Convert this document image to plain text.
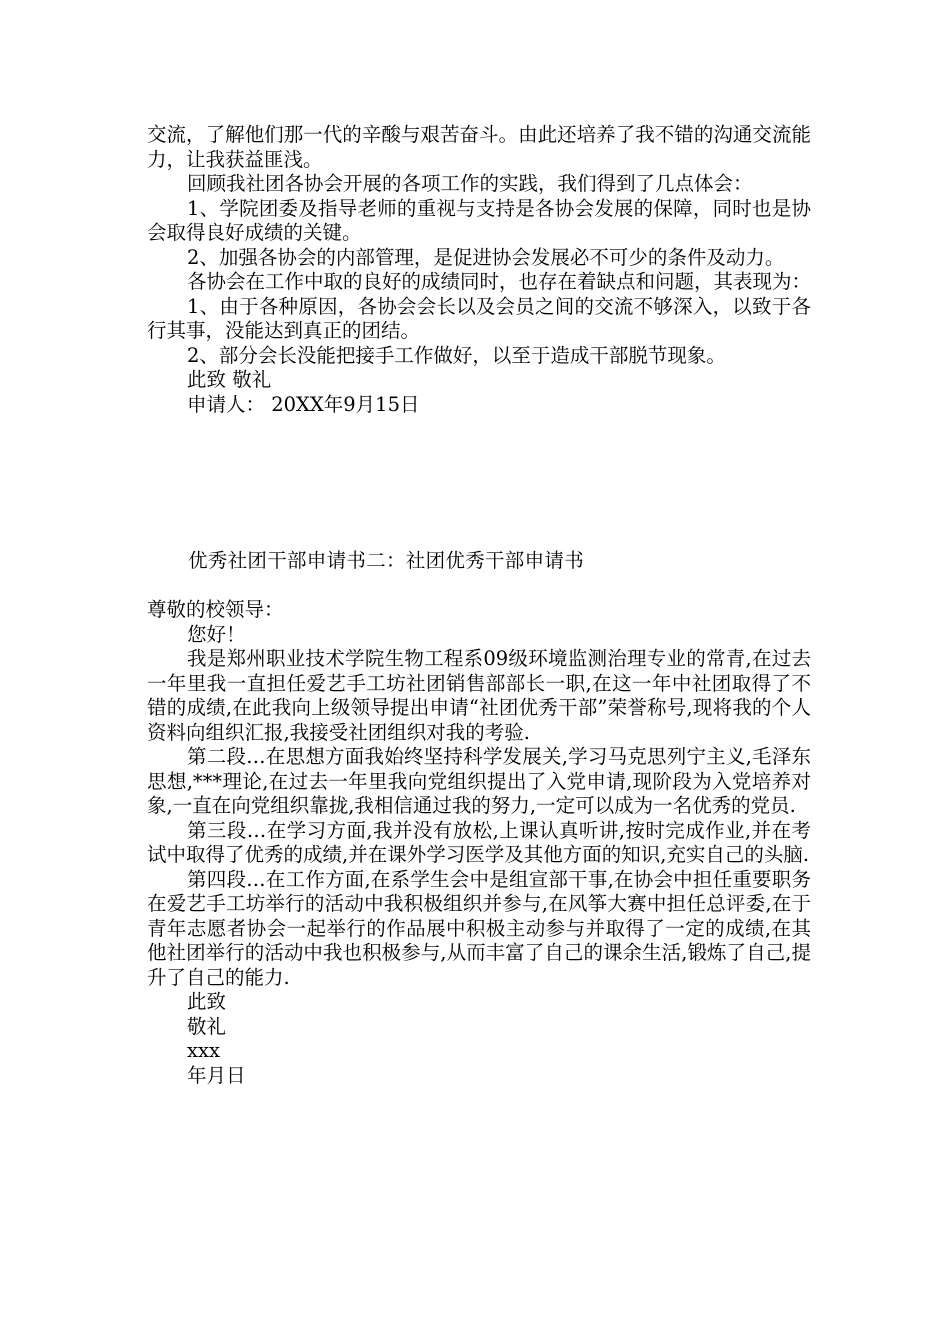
交流，了解他们那一代的辛酸与艰苦奋斗。由此还培养了我不错的沟通交流能力，让我获益匪浅。

回顾我社团各协会开展的各项工作的实践，我们得到了几点体会：

1、学院团委及指导老师的重视与支持是各协会发展的保障，同时也是协会取得良好成绩的关键。

2、加强各协会的内部管理，是促进协会发展必不可少的条件及动力。

各协会在工作中取的良好的成绩同时，也存在着缺点和问题，其表现为：

1、由于各种原因，各协会会长以及会员之间的交流不够深入，以致于各行其事，没能达到真正的团结。

2、部分会长没能把接手工作做好，以至于造成干部脱节现象。

此致 敬礼

申请人： 20XX年9月15日

优秀社团干部申请书二：社团优秀干部申请书

尊敬的校领导：

您好！

我是郑州职业技术学院生物工程系09级环境监测治理专业的常青,在过去一年里我一直担任爱艺手工坊社团销售部部长一职,在这一年中社团取得了不错的成绩,在此我向上级领导提出申请“社团优秀干部”荣誉称号,现将我的个人资料向组织汇报,我接受社团组织对我的考验.

第二段…在思想方面我始终坚持科学发展关,学习马克思列宁主义,毛泽东思想,***理论,在过去一年里我向党组织提出了入党申请,现阶段为入党培养对象,一直在向党组织靠拢,我相信通过我的努力,一定可以成为一名优秀的党员.

第三段…在学习方面,我并没有放松,上课认真听讲,按时完成作业,并在考试中取得了优秀的成绩,并在课外学习医学及其他方面的知识,充实自己的头脑.

第四段…在工作方面,在系学生会中是组宣部干事,在协会中担任重要职务在爱艺手工坊举行的活动中我积极组织并参与,在风筝大赛中担任总评委,在于青年志愿者协会一起举行的作品展中积极主动参与并取得了一定的成绩,在其他社团举行的活动中我也积极参与,从而丰富了自己的课余生活,锻炼了自己,提升了自己的能力.

此致

敬礼

xxx

年月日
